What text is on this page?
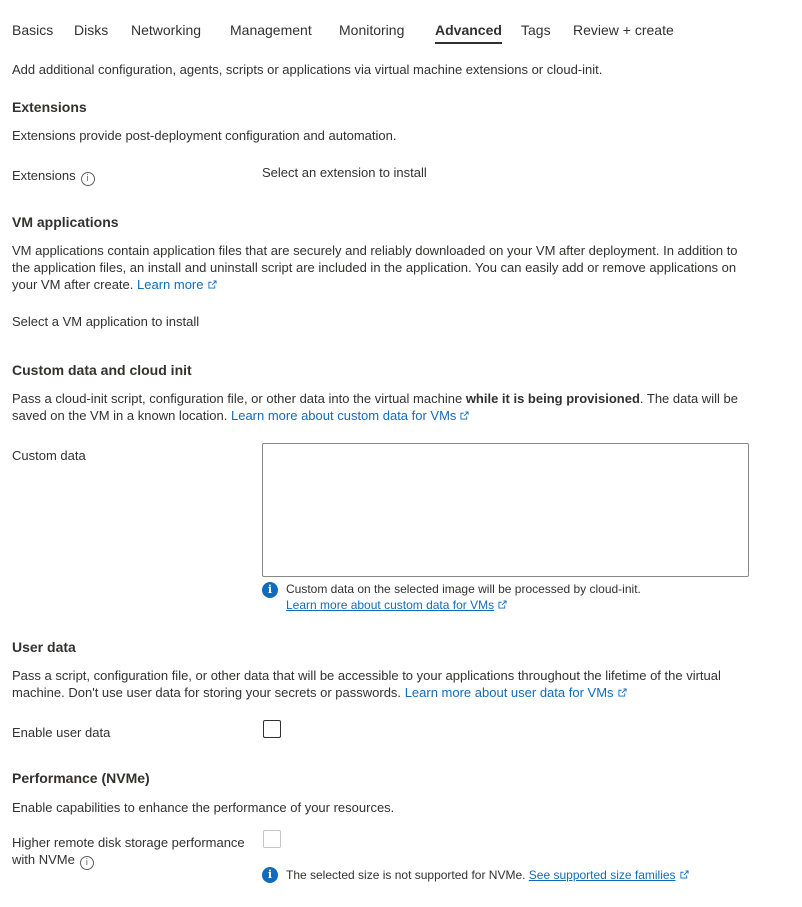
Basics Disks Networking Management Monitoring Advanced Tags Review + create
Add additional configuration, agents, scripts or applications via virtual machine extensions or cloud-init.
Extensions
Extensions provide post-deployment configuration and automation.
Extensions i	Select an extension to install
VM applications
VM applications contain application files that are securely and reliably downloaded on your VM after deployment. In addition to
the application files, an install and uninstall script are included in the application. You can easily add or remove applications on
your VM after create. Learn more
Select a VM application to install
Custom data and cloud init
Pass a cloud-init script, configuration file, or other data into the virtual machine while it is being provisioned. The data will be
saved on the VM in a known location. Learn more about custom data for VMs
Custom data
i	Custom data on the selected image will be processed by cloud-init.
Learn more about custom data for VMs
User data
Pass a script, configuration file, or other data that will be accessible to your applications throughout the lifetime of the virtual
machine. Don't use user data for storing your secrets or passwords. Learn more about user data for VMs
Enable user data
Performance (NVMe)
Enable capabilities to enhance the performance of your resources.
Higher remote disk storage performance
with NVMe i
i	The selected size is not supported for NVMe. See supported size families
